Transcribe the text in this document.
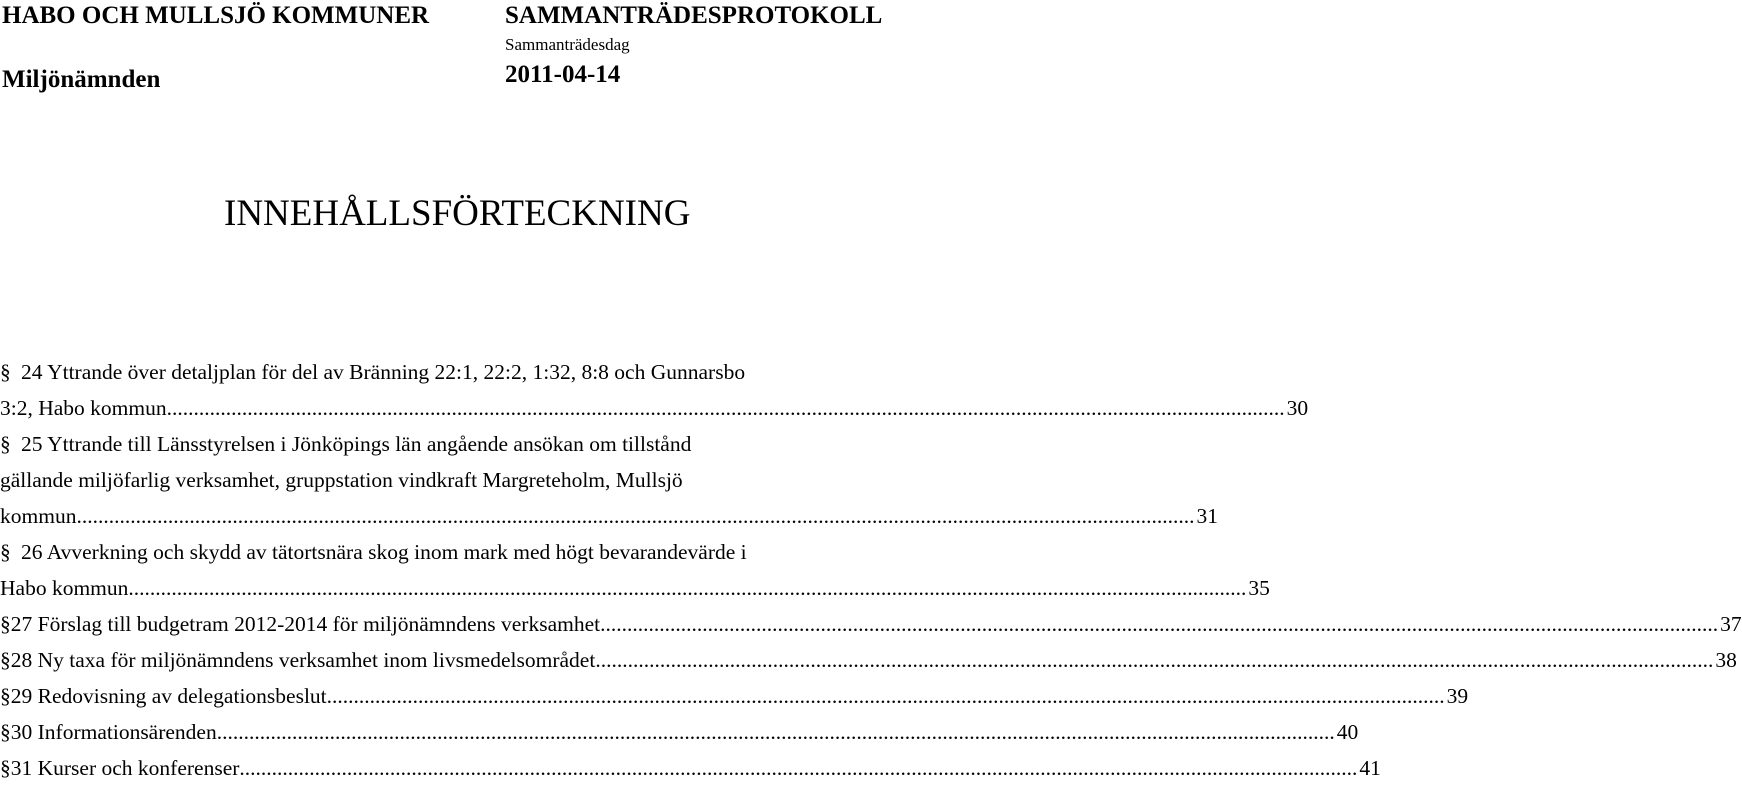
HABO OCH MULLSJÖ KOMMUNER	SAMMANTRÄDESPROTOKOLL
Sammanträdesdag
Miljönämnden	2011-04-14
INNEHÅLLSFÖRTECKNING
§ 24 Yttrande över detaljplan för del av Bränning 22:1, 22:2, 1:32, 8:8 och Gunnarsbo
3:2, Habo kommun ................................................................................................................................................................................................................ 30
§ 25 Yttrande till Länsstyrelsen i Jönköpings län angående ansökan om tillstånd
gällande miljöfarlig verksamhet, gruppstation vindkraft Margreteholm, Mullsjö
kommun ................................................................................................................................................................................................................ 31
§ 26 Avverkning och skydd av tätortsnära skog inom mark med högt bevarandevärde i
Habo kommun ................................................................................................................................................................................................................ 35
§ 27 Förslag till budgetram 2012-2014 för miljönämndens verksamhet ................................................................................................................................................................................................................ 37
§ 28 Ny taxa för miljönämndens verksamhet inom livsmedelsområdet ................................................................................................................................................................................................................ 38
§ 29 Redovisning av delegationsbeslut ................................................................................................................................................................................................................ 39
§ 30 Informationsärenden ................................................................................................................................................................................................................ 40
§ 31 Kurser och konferenser ................................................................................................................................................................................................................ 41
